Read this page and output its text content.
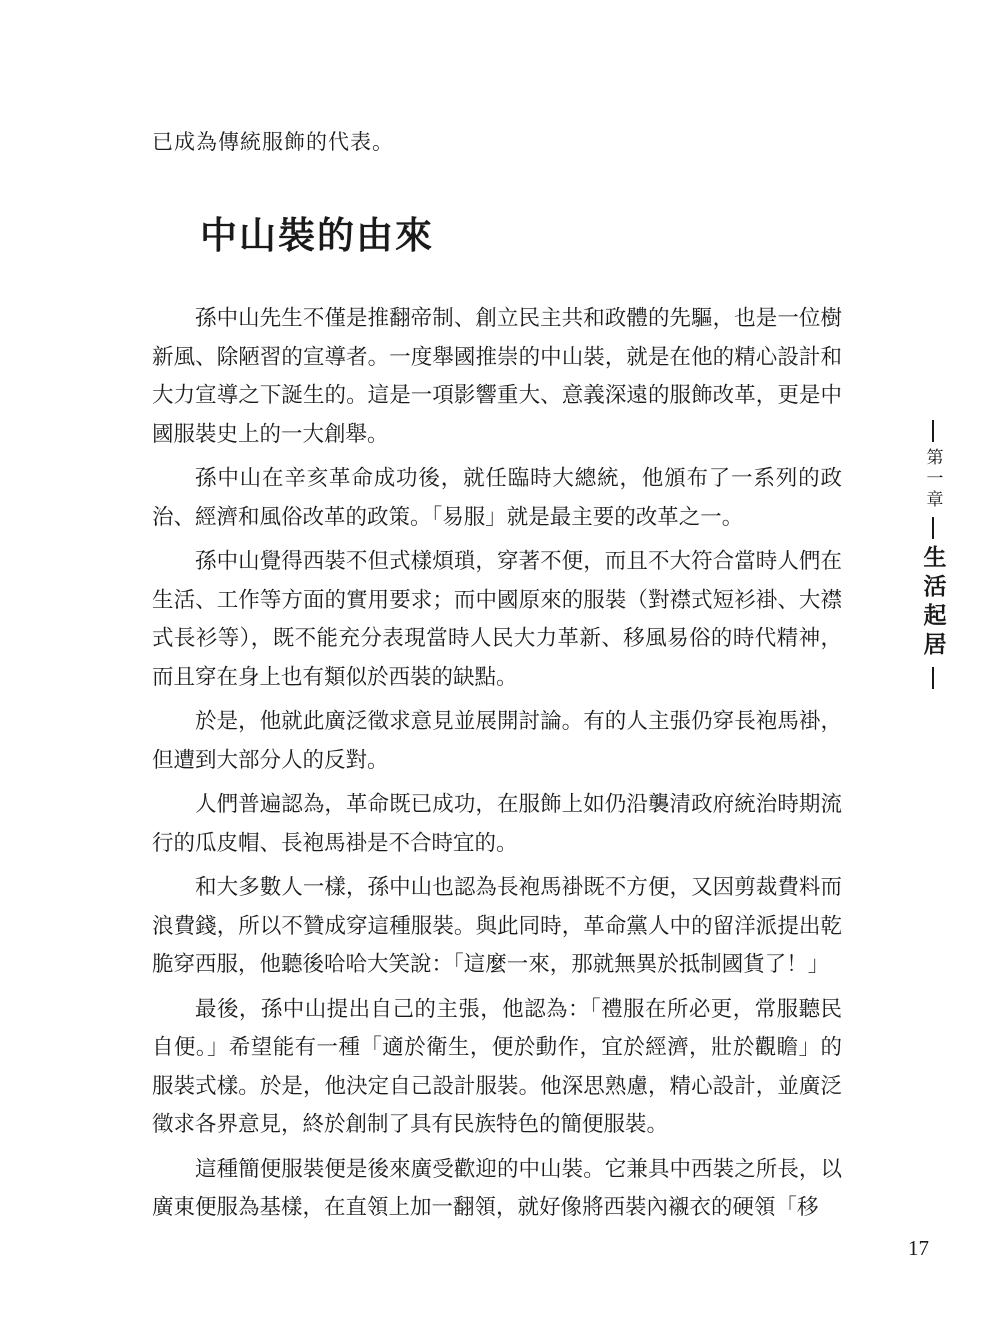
已成為傳統服飾的代表。
中山裝的由來

孫中山先生不僅是推翻帝制、創立民主共和政體的先驅，也是一位樹新風、除陋習的宣導者。一度舉國推崇的中山裝，就是在他的精心設計和大力宣導之下誕生的。這是一項影響重大、意義深遠的服飾改革，更是中國服裝史上的一大創舉。

孫中山在辛亥革命成功後，就任臨時大總統，他頒布了一系列的政治、經濟和風俗改革的政策。「易服」就是最主要的改革之一。

孫中山覺得西裝不但式樣煩瑣，穿著不便，而且不大符合當時人們在生活、工作等方面的實用要求；而中國原來的服裝（對襟式短衫褂、大襟式長衫等），既不能充分表現當時人民大力革新、移風易俗的時代精神，而且穿在身上也有類似於西裝的缺點。

於是，他就此廣泛徵求意見並展開討論。有的人主張仍穿長袍馬褂，但遭到大部分人的反對。

人們普遍認為，革命既已成功，在服飾上如仍沿襲清政府統治時期流行的瓜皮帽、長袍馬褂是不合時宜的。

和大多數人一樣，孫中山也認為長袍馬褂既不方便，又因剪裁費料而浪費錢，所以不贊成穿這種服裝。與此同時，革命黨人中的留洋派提出乾脆穿西服，他聽後哈哈大笑說：「這麼一來，那就無異於抵制國貨了！」

最後，孫中山提出自己的主張，他認為：「禮服在所必更，常服聽民自便。」希望能有一種「適於衛生，便於動作，宜於經濟，壯於觀瞻」的服裝式樣。於是，他決定自己設計服裝。他深思熟慮，精心設計，並廣泛徵求各界意見，終於創制了具有民族特色的簡便服裝。

這種簡便服裝便是後來廣受歡迎的中山裝。它兼具中西裝之所長，以廣東便服為基樣，在直領上加一翻領，就好像將西裝內襯衣的硬領「移

第一章
生活起居
17
